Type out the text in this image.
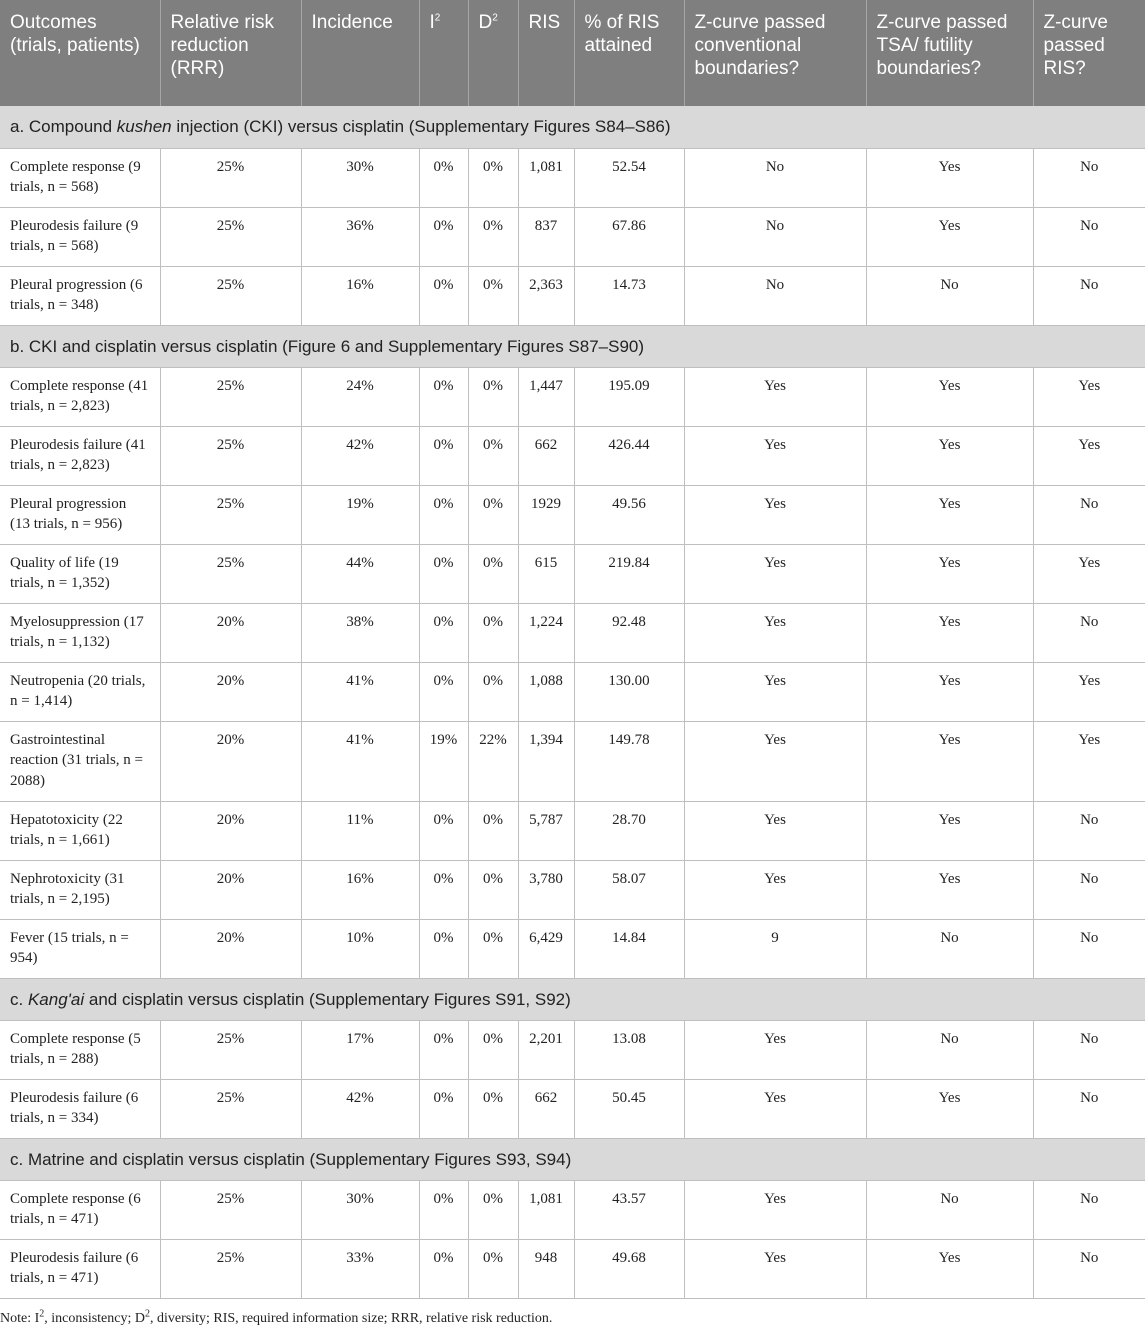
Outcomes (trials, patients)	Relative risk reduction (RRR)	Incidence	$I^2$	$D^2$	RIS	% of RIS attained	Z-curve passed conventional boundaries?	Z-curve passed TSA/ futility boundaries?	Z-curve passed RIS?
a. Compound kushen injection (CKI) versus cisplatin (Supplementary Figures S84–S86)									
Complete response (9 trials, n = 568)	25%	30%	0%	0%	1,081	52.54	No	Yes	No
Pleurodesis failure (9 trials, n = 568)	25%	36%	0%	0%	837	67.86	No	Yes	No
Pleural progression (6 trials, n = 348)	25%	16%	0%	0%	2,363	14.73	No	No	No
b. CKI and cisplatin versus cisplatin (Figure 6 and Supplementary Figures S87–S90)									
Complete response (41 trials, n = 2,823)	25%	24%	0%	0%	1,447	195.09	Yes	Yes	Yes
Pleurodesis failure (41 trials, n = 2,823)	25%	42%	0%	0%	662	426.44	Yes	Yes	Yes
Pleural progression (13 trials, n = 956)	25%	19%	0%	0%	1929	49.56	Yes	Yes	No
Quality of life (19 trials, n = 1,352)	25%	44%	0%	0%	615	219.84	Yes	Yes	Yes
Myelosuppression (17 trials, n = 1,132)	20%	38%	0%	0%	1,224	92.48	Yes	Yes	No
Neutropenia (20 trials, n = 1,414)	20%	41%	0%	0%	1,088	130.00	Yes	Yes	Yes
Gastrointestinal reaction (31 trials, n = 2088)	20%	41%	19%	22%	1,394	149.78	Yes	Yes	Yes
Hepatotoxicity (22 trials, n = 1,661)	20%	11%	0%	0%	5,787	28.70	Yes	Yes	No
Nephrotoxicity (31 trials, n = 2,195)	20%	16%	0%	0%	3,780	58.07	Yes	Yes	No
Fever (15 trials, n = 954)	20%	10%	0%	0%	6,429	14.84	9	No	No
c. Kang'ai and cisplatin versus cisplatin (Supplementary Figures S91, S92)									
Complete response (5 trials, n = 288)	25%	17%	0%	0%	2,201	13.08	Yes	No	No
Pleurodesis failure (6 trials, n = 334)	25%	42%	0%	0%	662	50.45	Yes	Yes	No
c. Matrine and cisplatin versus cisplatin (Supplementary Figures S93, S94)									
Complete response (6 trials, n = 471)	25%	30%	0%	0%	1,081	43.57	Yes	No	No
Pleurodesis failure (6 trials, n = 471)	25%	33%	0%	0%	948	49.68	Yes	Yes	No
Note: $I^2$, inconsistency; $D^2$, diversity; RIS, required information size; RRR, relative risk reduction.
